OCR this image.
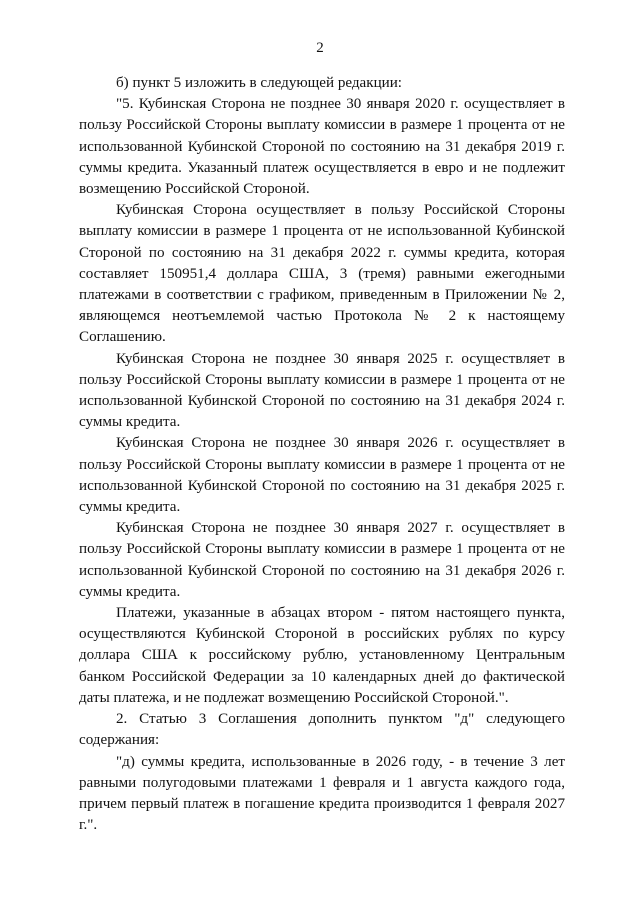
2

б) пункт 5 изложить в следующей редакции:

"5. Кубинская Сторона не позднее 30 января 2020 г. осуществляет в пользу Российской Стороны выплату комиссии в размере 1 процента от не использованной Кубинской Стороной по состоянию на 31 декабря 2019 г. суммы кредита. Указанный платеж осуществляется в евро и не подлежит возмещению Российской Стороной.

Кубинская Сторона осуществляет в пользу Российской Стороны выплату комиссии в размере 1 процента от не использованной Кубинской Стороной по состоянию на 31 декабря 2022 г. суммы кредита, которая составляет 150951,4 доллара США, 3 (тремя) равными ежегодными платежами в соответствии с графиком, приведенным в Приложении № 2, являющемся неотъемлемой частью Протокола № 2 к настоящему Соглашению.

Кубинская Сторона не позднее 30 января 2025 г. осуществляет в пользу Российской Стороны выплату комиссии в размере 1 процента от не использованной Кубинской Стороной по состоянию на 31 декабря 2024 г. суммы кредита.

Кубинская Сторона не позднее 30 января 2026 г. осуществляет в пользу Российской Стороны выплату комиссии в размере 1 процента от не использованной Кубинской Стороной по состоянию на 31 декабря 2025 г. суммы кредита.

Кубинская Сторона не позднее 30 января 2027 г. осуществляет в пользу Российской Стороны выплату комиссии в размере 1 процента от не использованной Кубинской Стороной по состоянию на 31 декабря 2026 г. суммы кредита.

Платежи, указанные в абзацах втором - пятом настоящего пункта, осуществляются Кубинской Стороной в российских рублях по курсу доллара США к российскому рублю, установленному Центральным банком Российской Федерации за 10 календарных дней до фактической даты платежа, и не подлежат возмещению Российской Стороной.".

2. Статью 3 Соглашения дополнить пунктом "д" следующего содержания:

"д) суммы кредита, использованные в 2026 году, - в течение 3 лет равными полугодовыми платежами 1 февраля и 1 августа каждого года, причем первый платеж в погашение кредита производится 1 февраля 2027 г.".
